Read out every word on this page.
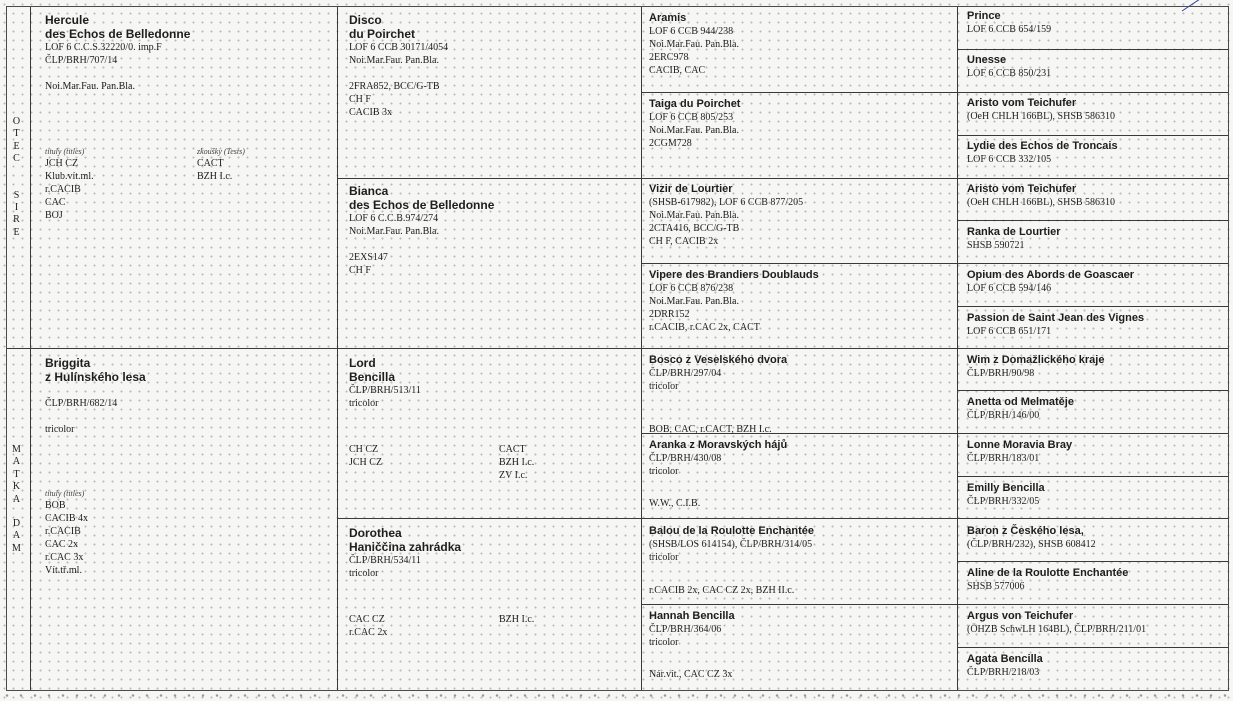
O
T
E
C
S
I
R
E
M
A
T
K
A
D
A
M
Hercule
des Echos de Belledonne
LOF 6 C.C.S.32220/0. imp.F
ČLP/BRH/707/14
Noi.Mar.Fau. Pan.Bla.
tituly (titles)
JCH CZ
Klub.vít.ml.
r.CACIB
CAC
BOJ
zkoušky (Tests)
CACT
BZH I.c.
Briggita
z Hulínského lesa
ČLP/BRH/682/14
tricolor
tituly (titles)
BOB
CACIB 4x
r.CACIB
CAC 2x
r.CAC 3x
Vít.tř.ml.
Disco
du Poirchet
LOF 6 CCB 30171/4054
Noi.Mar.Fau. Pan.Bla.
2FRA852, BCC/G-TB
CH F
CACIB 3x
Bianca
des Echos de Belledonne
LOF 6 C.C.B.974/274
Noi.Mar.Fau. Pan.Bla.
2EXS147
CH F
Lord
Bencilla
ČLP/BRH/513/11
tricolor
CH CZ
JCH CZ
CACT
BZH I.c.
ZV I.c.
Dorothea
Haniččina zahrádka
ČLP/BRH/534/11
tricolor
CAC CZ
r.CAC 2x
BZH I.c.
Aramis
LOF 6 CCB 944/238
Noi.Mar.Fau. Pan.Bla.
2ERC978
CACIB, CAC
Taiga du Poirchet
LOF 6 CCB 805/253
Noi.Mar.Fau. Pan.Bla.
2CGM728
Vizir de Lourtier
(SHSB-617982), LOF 6 CCB 877/205
Noi.Mar.Fau. Pan.Bla.
2CTA416, BCC/G-TB
CH F, CACIB 2x
Vipere des Brandiers Doublauds
LOF 6 CCB 876/238
Noi.Mar.Fau. Pan.Bla.
2DRR152
r.CACIB, r.CAC 2x, CACT
Bosco z Veselského dvora
ČLP/BRH/297/04
tricolor
BOB, CAC, r.CACT, BZH I.c.
Aranka z Moravských hájů
ČLP/BRH/430/08
tricolor
W.W., C.I.B.
Balou de la Roulotte Enchantée
(SHSB/LOS 614154), ČLP/BRH/314/05
tricolor
r.CACIB 2x, CAC CZ 2x, BZH II.c.
Hannah Bencilla
ČLP/BRH/364/06
tricolor
Nár.vít., CAC CZ 3x
Prince
LOF 6 CCB 654/159
Unesse
LOF 6 CCB 850/231
Aristo vom Teichufer
(OeH CHLH 166BL), SHSB 586310
Lydie des Echos de Troncais
LOF 6 CCB 332/105
Aristo vom Teichufer
(OeH CHLH 166BL), SHSB 586310
Ranka de Lourtier
SHSB 590721
Opium des Abords de Goascaer
LOF 6 CCB 594/146
Passion de Saint Jean des Vignes
LOF 6 CCB 651/171
Wim z Domažlického kraje
ČLP/BRH/90/98
Anetta od Melmatěje
ČLP/BRH/146/00
Lonne Moravia Bray
ČLP/BRH/183/01
Emilly Bencilla
ČLP/BRH/332/05
Baron z Českého lesa,
(ČLP/BRH/232), SHSB 608412
Aline de la Roulotte Enchantée
SHSB 577006
Argus von Teichufer
(ÖHZB SchwLH 164BL), ČLP/BRH/211/01
Agata Bencilla
ČLP/BRH/218/03
